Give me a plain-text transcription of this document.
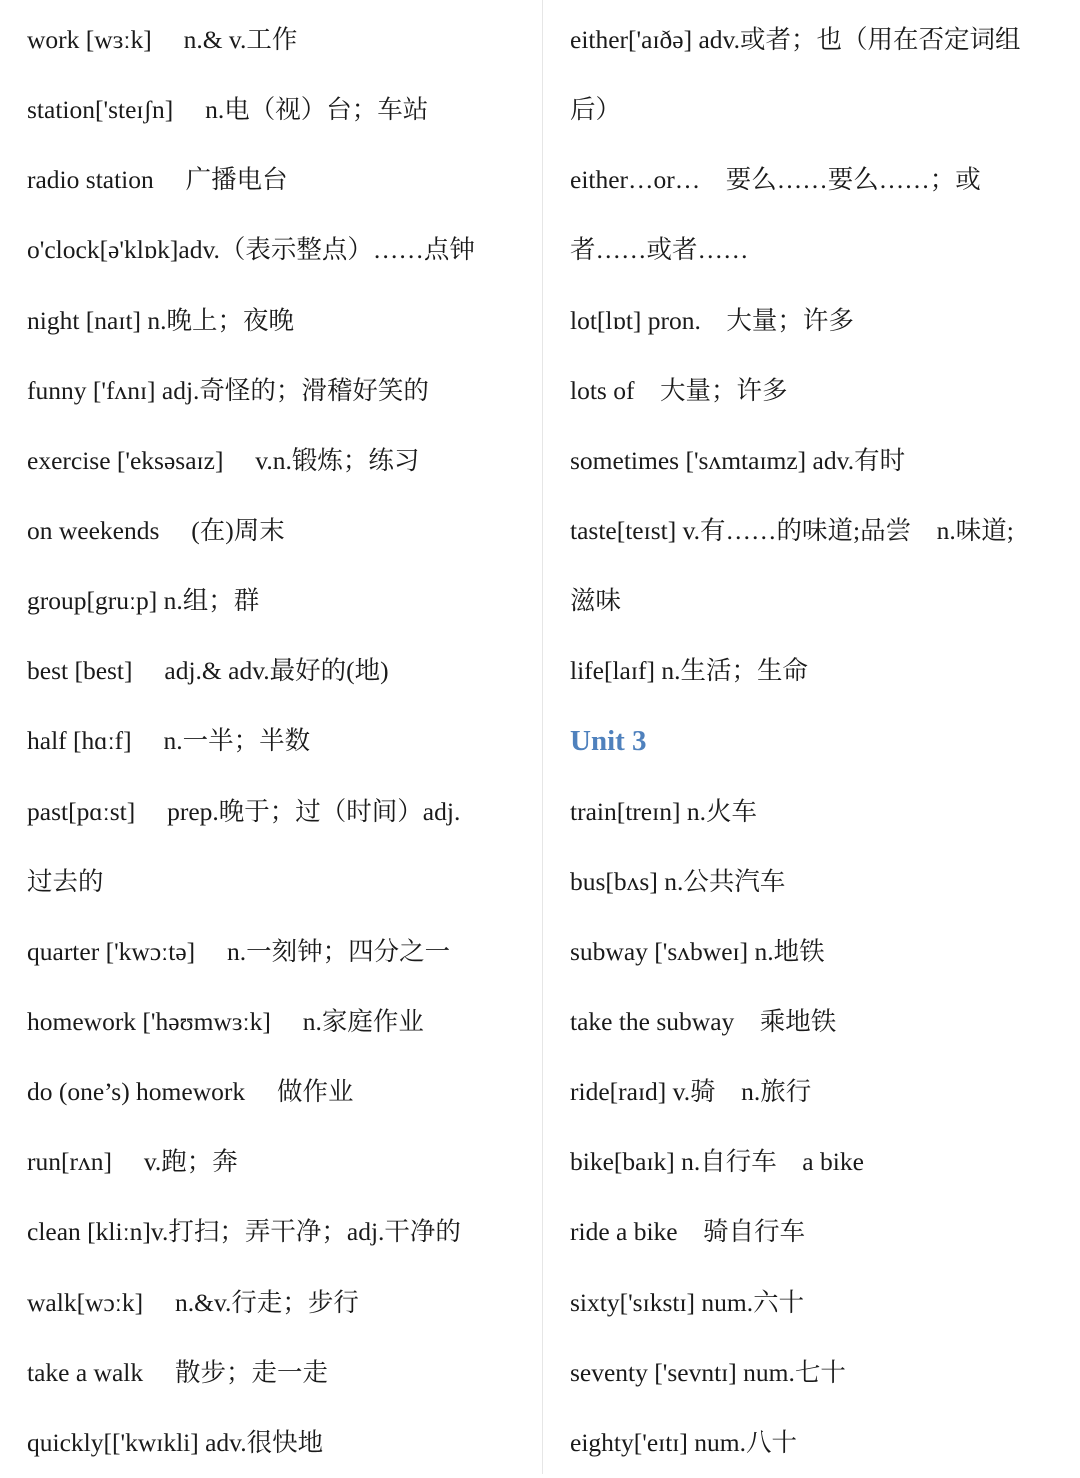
work [wɜːk]　 n.& v.工作
station['steɪʃn]　 n.电（视）台；车站
radio station　 广播电台
o'clock[ə'klɒk]adv.（表示整点）……点钟
night [naɪt] n.晚上；夜晚
funny ['fʌnɪ] adj.奇怪的；滑稽好笑的
exercise ['eksəsaɪz]　 v.n.锻炼；练习
on weekends　 (在)周末
group[gruːp] n.组；群
best [best]　 adj.& adv.最好的(地)
half [hɑːf]　 n.一半；半数
past[pɑːst]　 prep.晚于；过（时间）adj.
过去的
quarter ['kwɔːtə]　 n.一刻钟；四分之一
homework ['həʊmwɜːk]　 n.家庭作业
do (one’s) homework　 做作业
run[rʌn]　 v.跑；奔
clean [kliːn]v.打扫；弄干净；adj.干净的
walk[wɔːk]　 n.&v.行走；步行
take a walk　 散步；走一走
quickly[['kwɪkli] adv.很快地
either['aɪðə] adv.或者；也（用在否定词组
后）
either…or…　要么……要么……；或
者……或者……
lot[lɒt] pron.　大量；许多
lots of　大量；许多
sometimes ['sʌmtaɪmz] adv.有时
taste[teɪst] v.有……的味道;品尝　n.味道;
滋味
life[laɪf] n.生活；生命
Unit 3
train[treɪn] n.火车
bus[bʌs] n.公共汽车
subway ['sʌbweɪ] n.地铁
take the subway　乘地铁
ride[raɪd] v.骑　n.旅行
bike[baɪk] n.自行车　a bike
ride a bike　骑自行车
sixty['sɪkstɪ] num.六十
seventy ['sevntɪ] num.七十
eighty['eɪtɪ] num.八十
